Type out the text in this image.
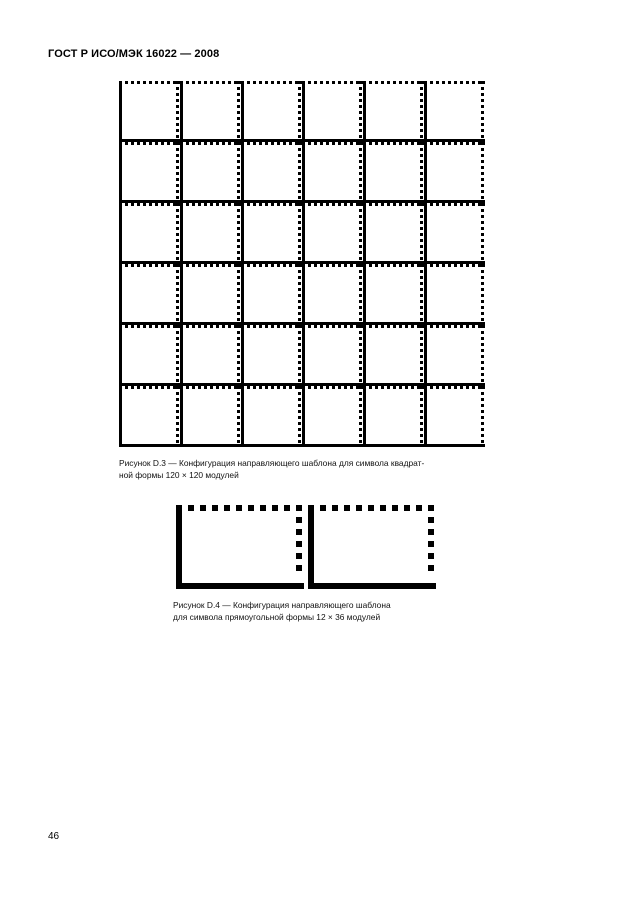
ГОСТ Р ИСО/МЭК 16022 — 2008
Рисунок D.3 — Конфигурация направляющего шаблона для символа квадрат-
ной формы 120 × 120 модулей
Рисунок D.4 — Конфигурация направляющего шаблона
для символа прямоугольной формы 12 × 36 модулей
46
